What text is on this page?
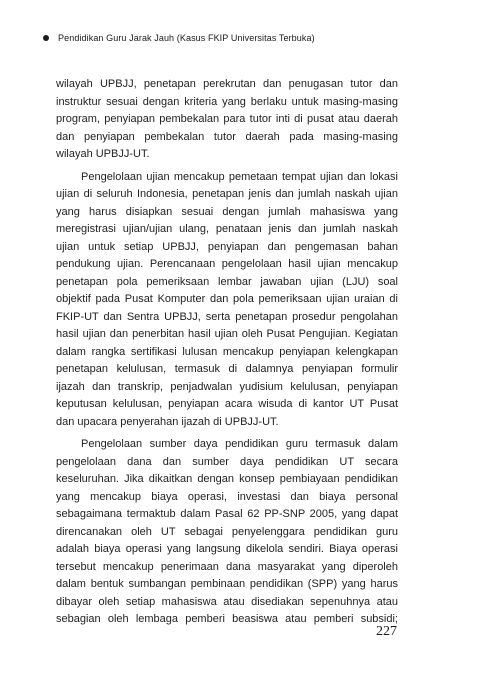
Pendidikan Guru Jarak Jauh (Kasus FKIP Universitas Terbuka)
wilayah UPBJJ, penetapan perekrutan dan penugasan tutor dan
instruktur sesuai dengan kriteria yang berlaku untuk masing-masing
program, penyiapan pembekalan para tutor inti di pusat atau daerah
dan penyiapan pembekalan tutor daerah pada masing-masing
wilayah UPBJJ-UT.
Pengelolaan ujian mencakup pemetaan tempat ujian dan lokasi
ujian di seluruh Indonesia, penetapan jenis dan jumlah naskah ujian
yang harus disiapkan sesuai dengan jumlah mahasiswa yang
meregistrasi ujian/ujian ulang, penataan jenis dan jumlah naskah
ujian untuk setiap UPBJJ, penyiapan dan pengemasan bahan
pendukung ujian. Perencanaan pengelolaan hasil ujian mencakup
penetapan pola pemeriksaan lembar jawaban ujian (LJU) soal
objektif pada Pusat Komputer dan pola pemeriksaan ujian uraian di
FKIP-UT dan Sentra UPBJJ, serta penetapan prosedur pengolahan
hasil ujian dan penerbitan hasil ujian oleh Pusat Pengujian. Kegiatan
dalam rangka sertifikasi lulusan mencakup penyiapan kelengkapan
penetapan kelulusan, termasuk di dalamnya penyiapan formulir
ijazah dan transkrip, penjadwalan yudisium kelulusan, penyiapan
keputusan kelulusan, penyiapan acara wisuda di kantor UT Pusat
dan upacara penyerahan ijazah di UPBJJ-UT.
Pengelolaan sumber daya pendidikan guru termasuk dalam
pengelolaan dana dan sumber daya pendidikan UT secara
keseluruhan. Jika dikaitkan dengan konsep pembiayaan pendidikan
yang mencakup biaya operasi, investasi dan biaya personal
sebagaimana termaktub dalam Pasal 62 PP-SNP 2005, yang dapat
direncanakan oleh UT sebagai penyelenggara pendidikan guru
adalah biaya operasi yang langsung dikelola sendiri. Biaya operasi
tersebut mencakup penerimaan dana masyarakat yang diperoleh
dalam bentuk sumbangan pembinaan pendidikan (SPP) yang harus
dibayar oleh setiap mahasiswa atau disediakan sepenuhnya atau
sebagian oleh lembaga pemberi beasiswa atau pemberi subsidi;
227
